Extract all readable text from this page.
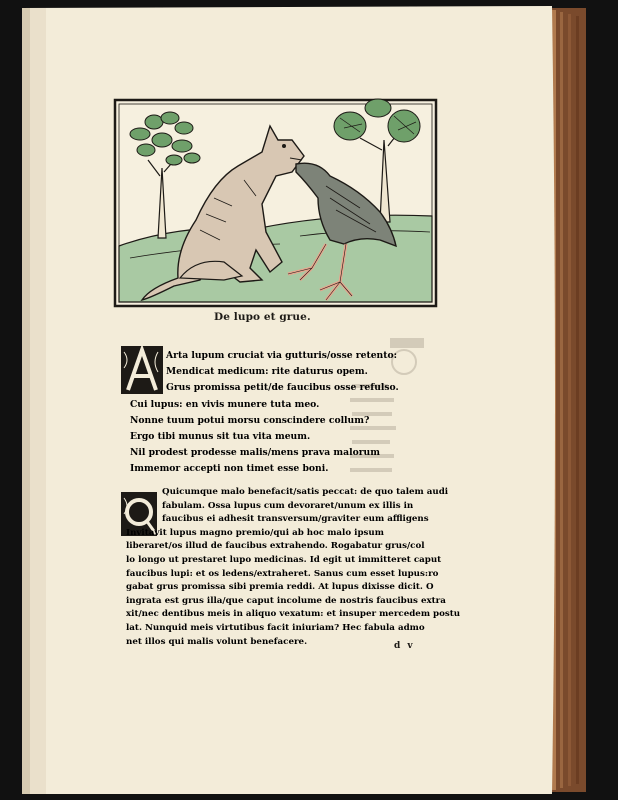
De lupo et grue.
Arta lupum cruciat via gutturis/osse retento:
Mendicat medicum: rite daturus opem.
Grus promissa petit/de faucibus osse refulso.
Cui lupus: en vivis munere tuta meo.
Nonne tuum potui morsu conscindere collum?
Ergo tibi munus sit tua vita meum.
Nil prodest prodesse malis/mens prava malorum
Immemor accepti non timet esse boni.
Quicumque malo benefacit/satis peccat: de quo talem audi
fabulam. Ossa lupus cum devoraret/unum ex illis in
faucibus ei adhesit transversum/graviter eum affligens
Invitavit lupus magno premio/qui ab hoc malo ipsum
liberaret/os illud de faucibus extrahendo. Rogabatur grus/col
lo longo ut prestaret lupo medicinas. Id egit ut immitteret caput
faucibus lupi: et os ledens/extraheret. Sanus cum esset lupus:ro
gabat grus promissa sibi premia reddi. At lupus dixisse dicit. O
ingrata est grus illa/que caput incolume de nostris faucibus extra
xit/nec dentibus meis in aliquo vexatum: et insuper mercedem postu
lat. Nunquid meis virtutibus facit iniuriam? Hec fabula admo
net illos qui malis volunt benefacere.	d v
